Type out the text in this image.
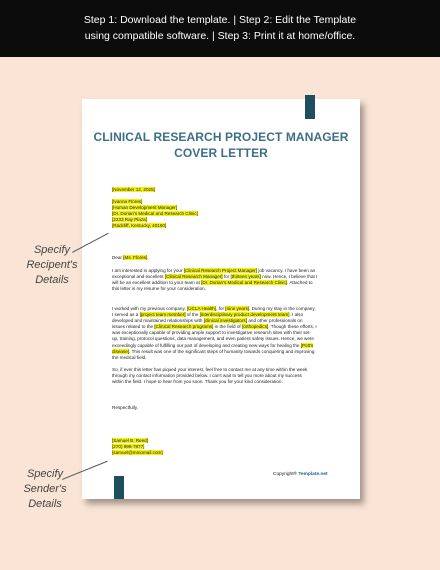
Step 1: Download the template. | Step 2: Edit the Template
using compatible software. | Step 3: Print it at home/office.
CLINICAL RESEARCH PROJECT MANAGER
COVER LETTER
[November 12, 2025]
[Ivanna Flores]
[Human Development Manager]
[Dr. Dorian's Medical and Research Clinic]
[2233 Ray Plaza]
[Radcliff, Kentucky, 40160]
Dear [Ms. Flores],
I am interested in applying for your [Clinical Research Project Manager] job vacancy. I have been an
exceptional and excellent [Clinical Research Manager] for [thirteen years] now. Hence, I believe that I
will be an excellent addition to your team at [Dr. Dorian's Medical and Research Clinic]. Attached to
this letter is my resume for your consideration.
I worked with my previous company, [UCLA Health], for [nine years]. During my stay in the company,
I served as a [project team member] of the [interdisciplinary product development team]. I also
developed and maintained relationships with [clinical investigators] and other professionals on
issues related to the [Clinical Research programs] in the field of [orthopedics]. Though these efforts, I
was exceptionally capable of providing ample support to investigative research sites with their set-
up, training, protocol questions, data management, and even patient safety issues. Hence, we were
exceedingly capable of fulfilling our part of developing and creating new ways for healing the [Pott's
disease]. This result was one of the significant steps of humanity towards conquering and improving
the medical field.
So, if ever this letter has piqued your interest, feel free to contact me at any time within the week
through my contact information provided below. I can't wait to tell you more about my success
within the field. I hope to hear from you soon. Thank you for your kind consideration.
Respectfully,
[Samuel B. Reed]
[270) 998-7877]
[samuel@mmomail.com]
Copyright® Template.net
Specify
Recipent's
Details
Specify
Sender's
Details
